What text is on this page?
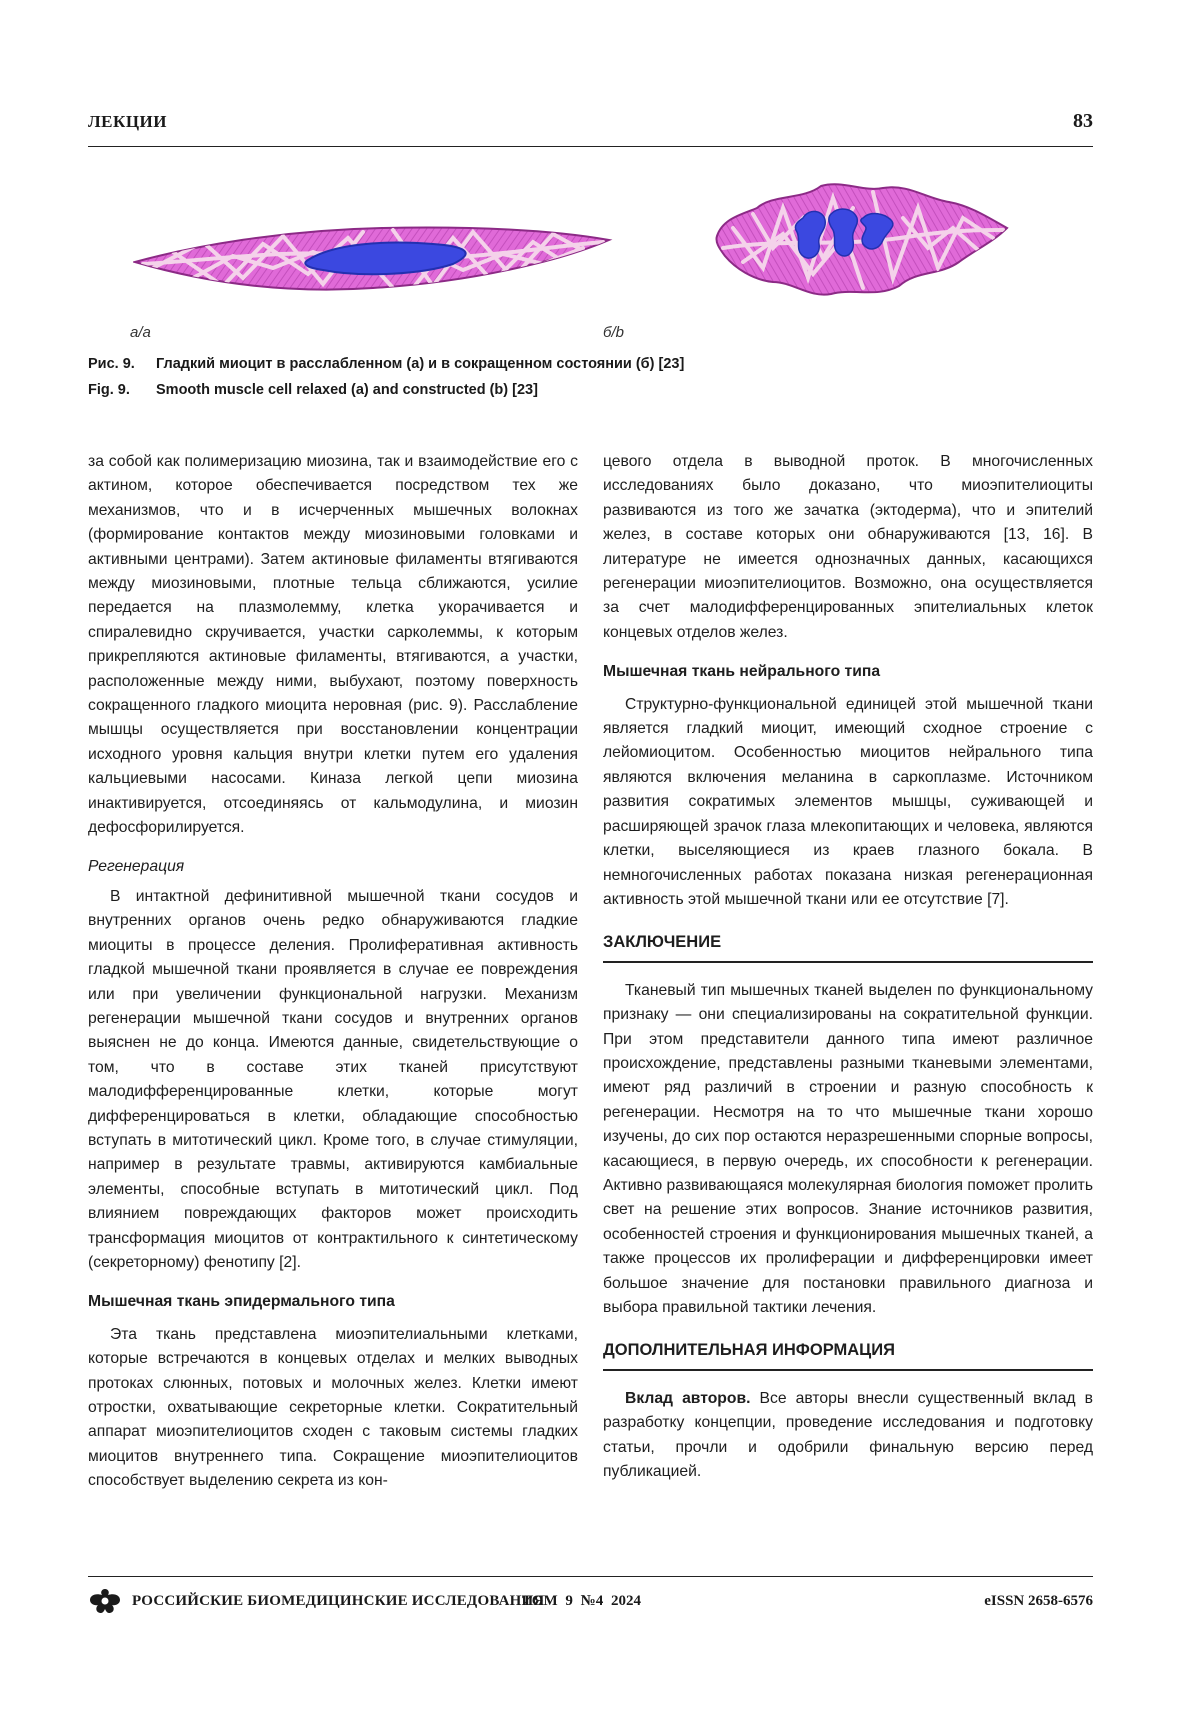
ЛЕКЦИИ	83
а/a	б/b
Рис. 9. Гладкий миоцит в расслабленном (а) и в сокращенном состоянии (б) [23]
Fig. 9. Smooth muscle cell relaxed (a) and constructed (b) [23]

за собой как полимеризацию миозина, так и взаимодействие его с актином, которое обеспечивается посредством тех же механизмов, что и в исчерченных мышечных волокнах (формирование контактов между миозиновыми головками и активными центрами). Затем актиновые филаменты втягиваются между миозиновыми, плотные тельца сближаются, усилие передается на плазмолемму, клетка укорачивается и спиралевидно скручивается, участки сарколеммы, к которым прикрепляются актиновые филаменты, втягиваются, а участки, расположенные между ними, выбухают, поэтому поверхность сокращенного гладкого миоцита неровная (рис. 9). Расслабление мышцы осуществляется при восстановлении концентрации исходного уровня кальция внутри клетки путем его удаления кальциевыми насосами. Киназа легкой цепи миозина инактивируется, отсоединяясь от кальмодулина, и миозин дефосфорилируется.

Регенерация

В интактной дефинитивной мышечной ткани сосудов и внутренних органов очень редко обнаруживаются гладкие миоциты в процессе деления. Пролиферативная активность гладкой мышечной ткани проявляется в случае ее повреждения или при увеличении функциональной нагрузки. Механизм регенерации мышечной ткани сосудов и внутренних органов выяснен не до конца. Имеются данные, свидетельствующие о том, что в составе этих тканей присутствуют малодифференцированные клетки, которые могут дифференцироваться в клетки, обладающие способностью вступать в митотический цикл. Кроме того, в случае стимуляции, например в результате травмы, активируются камбиальные элементы, способные вступать в митотический цикл. Под влиянием повреждающих факторов может происходить трансформация миоцитов от контрактильного к синтетическому (секреторному) фенотипу [2].

Мышечная ткань эпидермального типа

Эта ткань представлена миоэпителиальными клетками, которые встречаются в концевых отделах и мелких выводных протоках слюнных, потовых и молочных желез. Клетки имеют отростки, охватывающие секреторные клетки. Сократительный аппарат миоэпителиоцитов сходен с таковым системы гладких миоцитов внутреннего типа. Сокращение миоэпителиоцитов способствует выделению секрета из кон-

цевого отдела в выводной проток. В многочисленных исследованиях было доказано, что миоэпителиоциты развиваются из того же зачатка (эктодерма), что и эпителий желез, в составе которых они обнаруживаются [13, 16]. В литературе не имеется однозначных данных, касающихся регенерации миоэпителиоцитов. Возможно, она осуществляется за счет малодифференцированных эпителиальных клеток концевых отделов желез.

Мышечная ткань нейрального типа

Структурно-функциональной единицей этой мышечной ткани является гладкий миоцит, имеющий сходное строение с лейомиоцитом. Особенностью миоцитов нейрального типа являются включения меланина в саркоплазме. Источником развития сократимых элементов мышцы, суживающей и расширяющей зрачок глаза млекопитающих и человека, являются клетки, выселяющиеся из краев глазного бокала. В немногочисленных работах показана низкая регенерационная активность этой мышечной ткани или ее отсутствие [7].

ЗАКЛЮЧЕНИЕ

Тканевый тип мышечных тканей выделен по функциональному признаку — они специализированы на сократительной функции. При этом представители данного типа имеют различное происхождение, представлены разными тканевыми элементами, имеют ряд различий в строении и разную способность к регенерации. Несмотря на то что мышечные ткани хорошо изучены, до сих пор остаются неразрешенными спорные вопросы, касающиеся, в первую очередь, их способности к регенерации. Активно развивающаяся молекулярная биология поможет пролить свет на решение этих вопросов. Знание источников развития, особенностей строения и функционирования мышечных тканей, а также процессов их пролиферации и дифференцировки имеет большое значение для постановки правильного диагноза и выбора правильной тактики лечения.

ДОПОЛНИТЕЛЬНАЯ ИНФОРМАЦИЯ

Вклад авторов. Все авторы внесли существенный вклад в разработку концепции, проведение исследования и подготовку статьи, прочли и одобрили финальную версию перед публикацией.

РОССИЙСКИЕ БИОМЕДИЦИНСКИЕ ИССЛЕДОВАНИЯ
ТОМ 9 №4 2024	eISSN 2658-6576
